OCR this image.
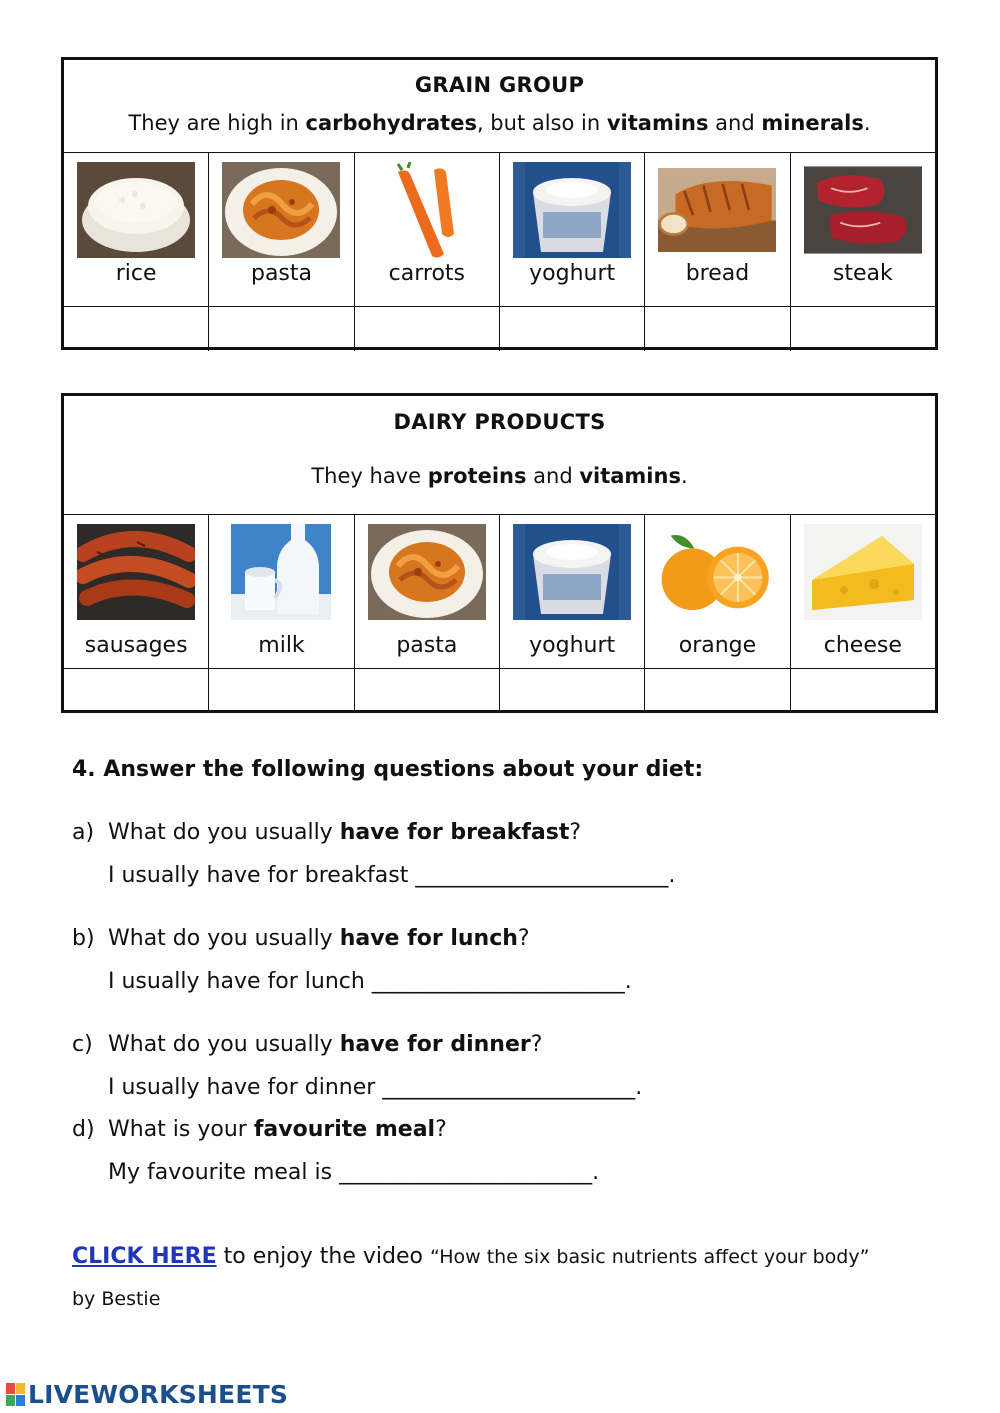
GRAIN GROUP
They are high in carbohydrates, but also in vitamins and minerals.
rice	pasta	carrots	yoghurt	bread	steak
DAIRY PRODUCTS
They have proteins and vitamins.
sausages	milk	pasta	yoghurt	orange	cheese
4. Answer the following questions about your diet:
a) What do you usually have for breakfast?
I usually have for breakfast _______________________.
b) What do you usually have for lunch?
I usually have for lunch _______________________.
c) What do you usually have for dinner?
I usually have for dinner _______________________.
d) What is your favourite meal?
My favourite meal is _______________________.
CLICK HERE to enjoy the video “How the six basic nutrients affect your body”
by Bestie
LIVEWORKSHEETS
